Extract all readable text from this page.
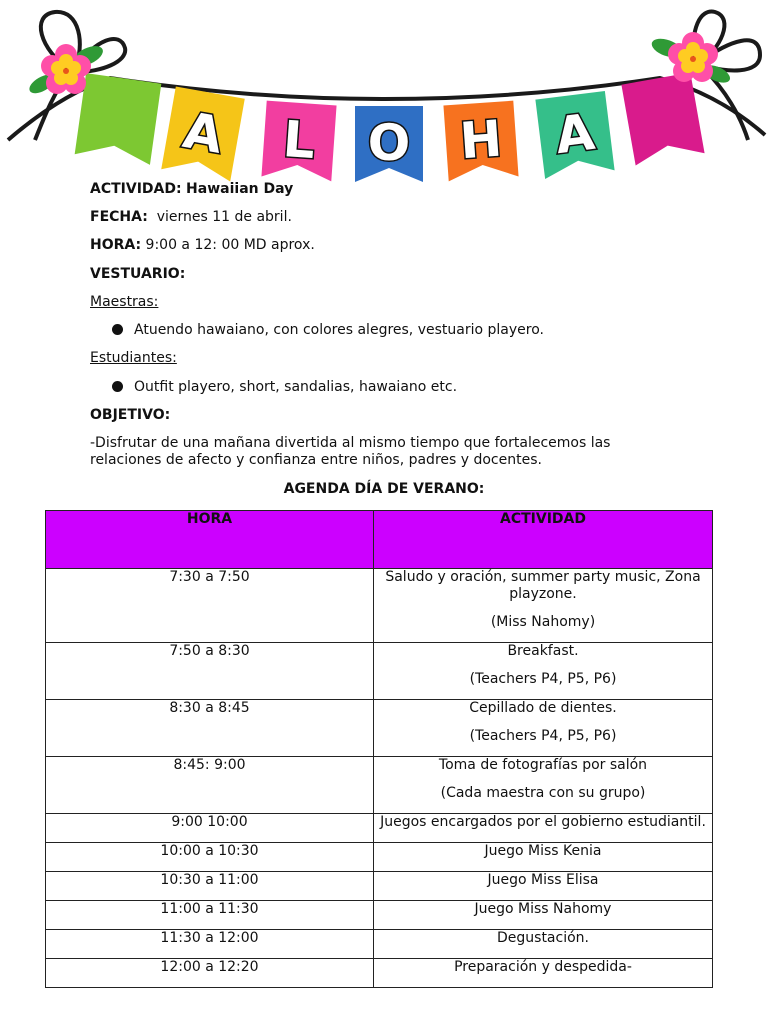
A L O H A
ACTIVIDAD: Hawaiian Day
FECHA: viernes 11 de abril.
HORA: 9:00 a 12: 00 MD aprox.
VESTUARIO:
Maestras:
Atuendo hawaiano, con colores alegres, vestuario playero.
Estudiantes:
Outfit playero, short, sandalias, hawaiano etc.
OBJETIVO:
-Disfrutar de una mañana divertida al mismo tiempo que fortalecemos las
relaciones de afecto y confianza entre niños, padres y docentes.
AGENDA DÍA DE VERANO:
HORA	ACTIVIDAD
7:30 a 7:50	Saludo y oración, summer party music, Zona playzone.

(Miss Nahomy)

7:50 a 8:30	Breakfast.

(Teachers P4, P5, P6)

8:30 a 8:45	Cepillado de dientes.

(Teachers P4, P5, P6)

8:45: 9:00	Toma de fotografías por salón

(Cada maestra con su grupo)

9:00 10:00	Juegos encargados por el gobierno estudiantil.

10:00 a 10:30	Juego Miss Kenia

10:30 a 11:00	Juego Miss Elisa

11:00 a 11:30	Juego Miss Nahomy

11:30 a 12:00	Degustación.

12:00 a 12:20	Preparación y despedida-
